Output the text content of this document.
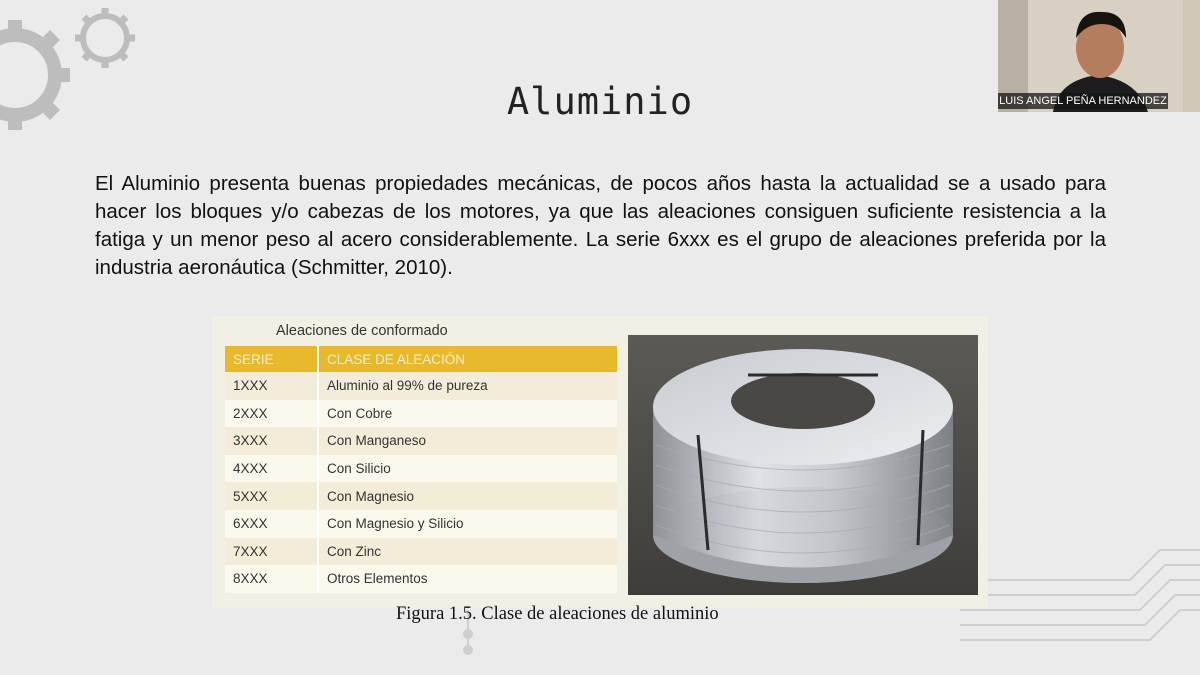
Aluminio
El Aluminio presenta buenas propiedades mecánicas, de pocos años hasta la actualidad se a usado para hacer los bloques y/o cabezas de los motores, ya que las aleaciones consiguen suficiente resistencia a la fatiga y un menor peso al acero considerablemente. La serie 6xxx es el grupo de aleaciones preferida por la industria aeronáutica (Schmitter, 2010).
Aleaciones de conformado
SERIE	CLASE DE ALEACIÓN
1XXX	Aluminio al 99% de pureza
2XXX	Con Cobre
3XXX	Con Manganeso
4XXX	Con Silicio
5XXX	Con Magnesio
6XXX	Con Magnesio y Silicio
7XXX	Con Zinc
8XXX	Otros Elementos
Figura 1.5. Clase de aleaciones de aluminio
LUIS ANGEL PEÑA HERNANDEZ
